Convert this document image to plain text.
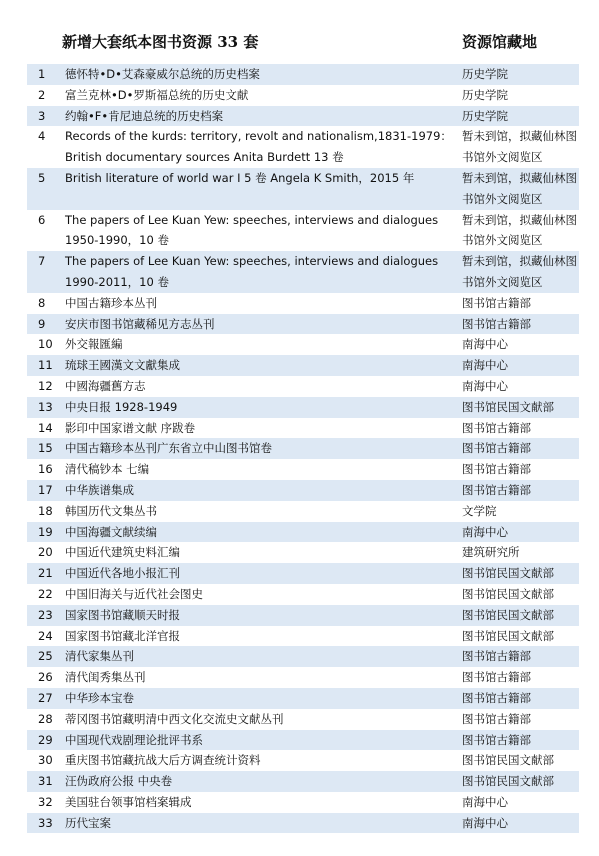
新增大套纸本图书资源 33 套	资源馆藏地
1	德怀特•D•艾森豪威尔总统的历史档案	历史学院
2	富兰克林•D•罗斯福总统的历史文献	历史学院
3	约翰•F•肯尼迪总统的历史档案	历史学院
4	Records of the kurds: territory, revolt and nationalism,1831-1979：British documentary sources Anita Burdett 13 卷	暂未到馆，拟藏仙林图书馆外文阅览区
5	British literature of world war I 5 卷 Angela K Smith，2015 年	暂未到馆，拟藏仙林图书馆外文阅览区
6	The papers of Lee Kuan Yew: speeches, interviews and dialogues 1950-1990，10 卷	暂未到馆，拟藏仙林图书馆外文阅览区
7	The papers of Lee Kuan Yew: speeches, interviews and dialogues 1990-2011，10 卷	暂未到馆，拟藏仙林图书馆外文阅览区
8	中国古籍珍本丛刊	图书馆古籍部
9	安庆市图书馆藏稀见方志丛刊	图书馆古籍部
10	外交報匯編	南海中心
11	琉球王國漢文文獻集成	南海中心
12	中國海疆舊方志	南海中心
13	中央日报 1928-1949	图书馆民国文献部
14	影印中国家谱文献 序跋卷	图书馆古籍部
15	中国古籍珍本丛刊广东省立中山图书馆卷	图书馆古籍部
16	清代稿钞本 七编	图书馆古籍部
17	中华族谱集成	图书馆古籍部
18	韩国历代文集丛书	文学院
19	中国海疆文献续编	南海中心
20	中国近代建筑史料汇编	建筑研究所
21	中国近代各地小报汇刊	图书馆民国文献部
22	中国旧海关与近代社会图史	图书馆民国文献部
23	国家图书馆藏顺天时报	图书馆民国文献部
24	国家图书馆藏北洋官报	图书馆民国文献部
25	清代家集丛刊	图书馆古籍部
26	清代闺秀集丛刊	图书馆古籍部
27	中华珍本宝卷	图书馆古籍部
28	蒂冈图书馆藏明清中西文化交流史文献丛刊	图书馆古籍部
29	中国现代戏剧理论批评书系	图书馆古籍部
30	重庆图书馆藏抗战大后方调查统计资料	图书馆民国文献部
31	汪伪政府公报 中央卷	图书馆民国文献部
32	美国驻台领事馆档案辑成	南海中心
33	历代宝案	南海中心
